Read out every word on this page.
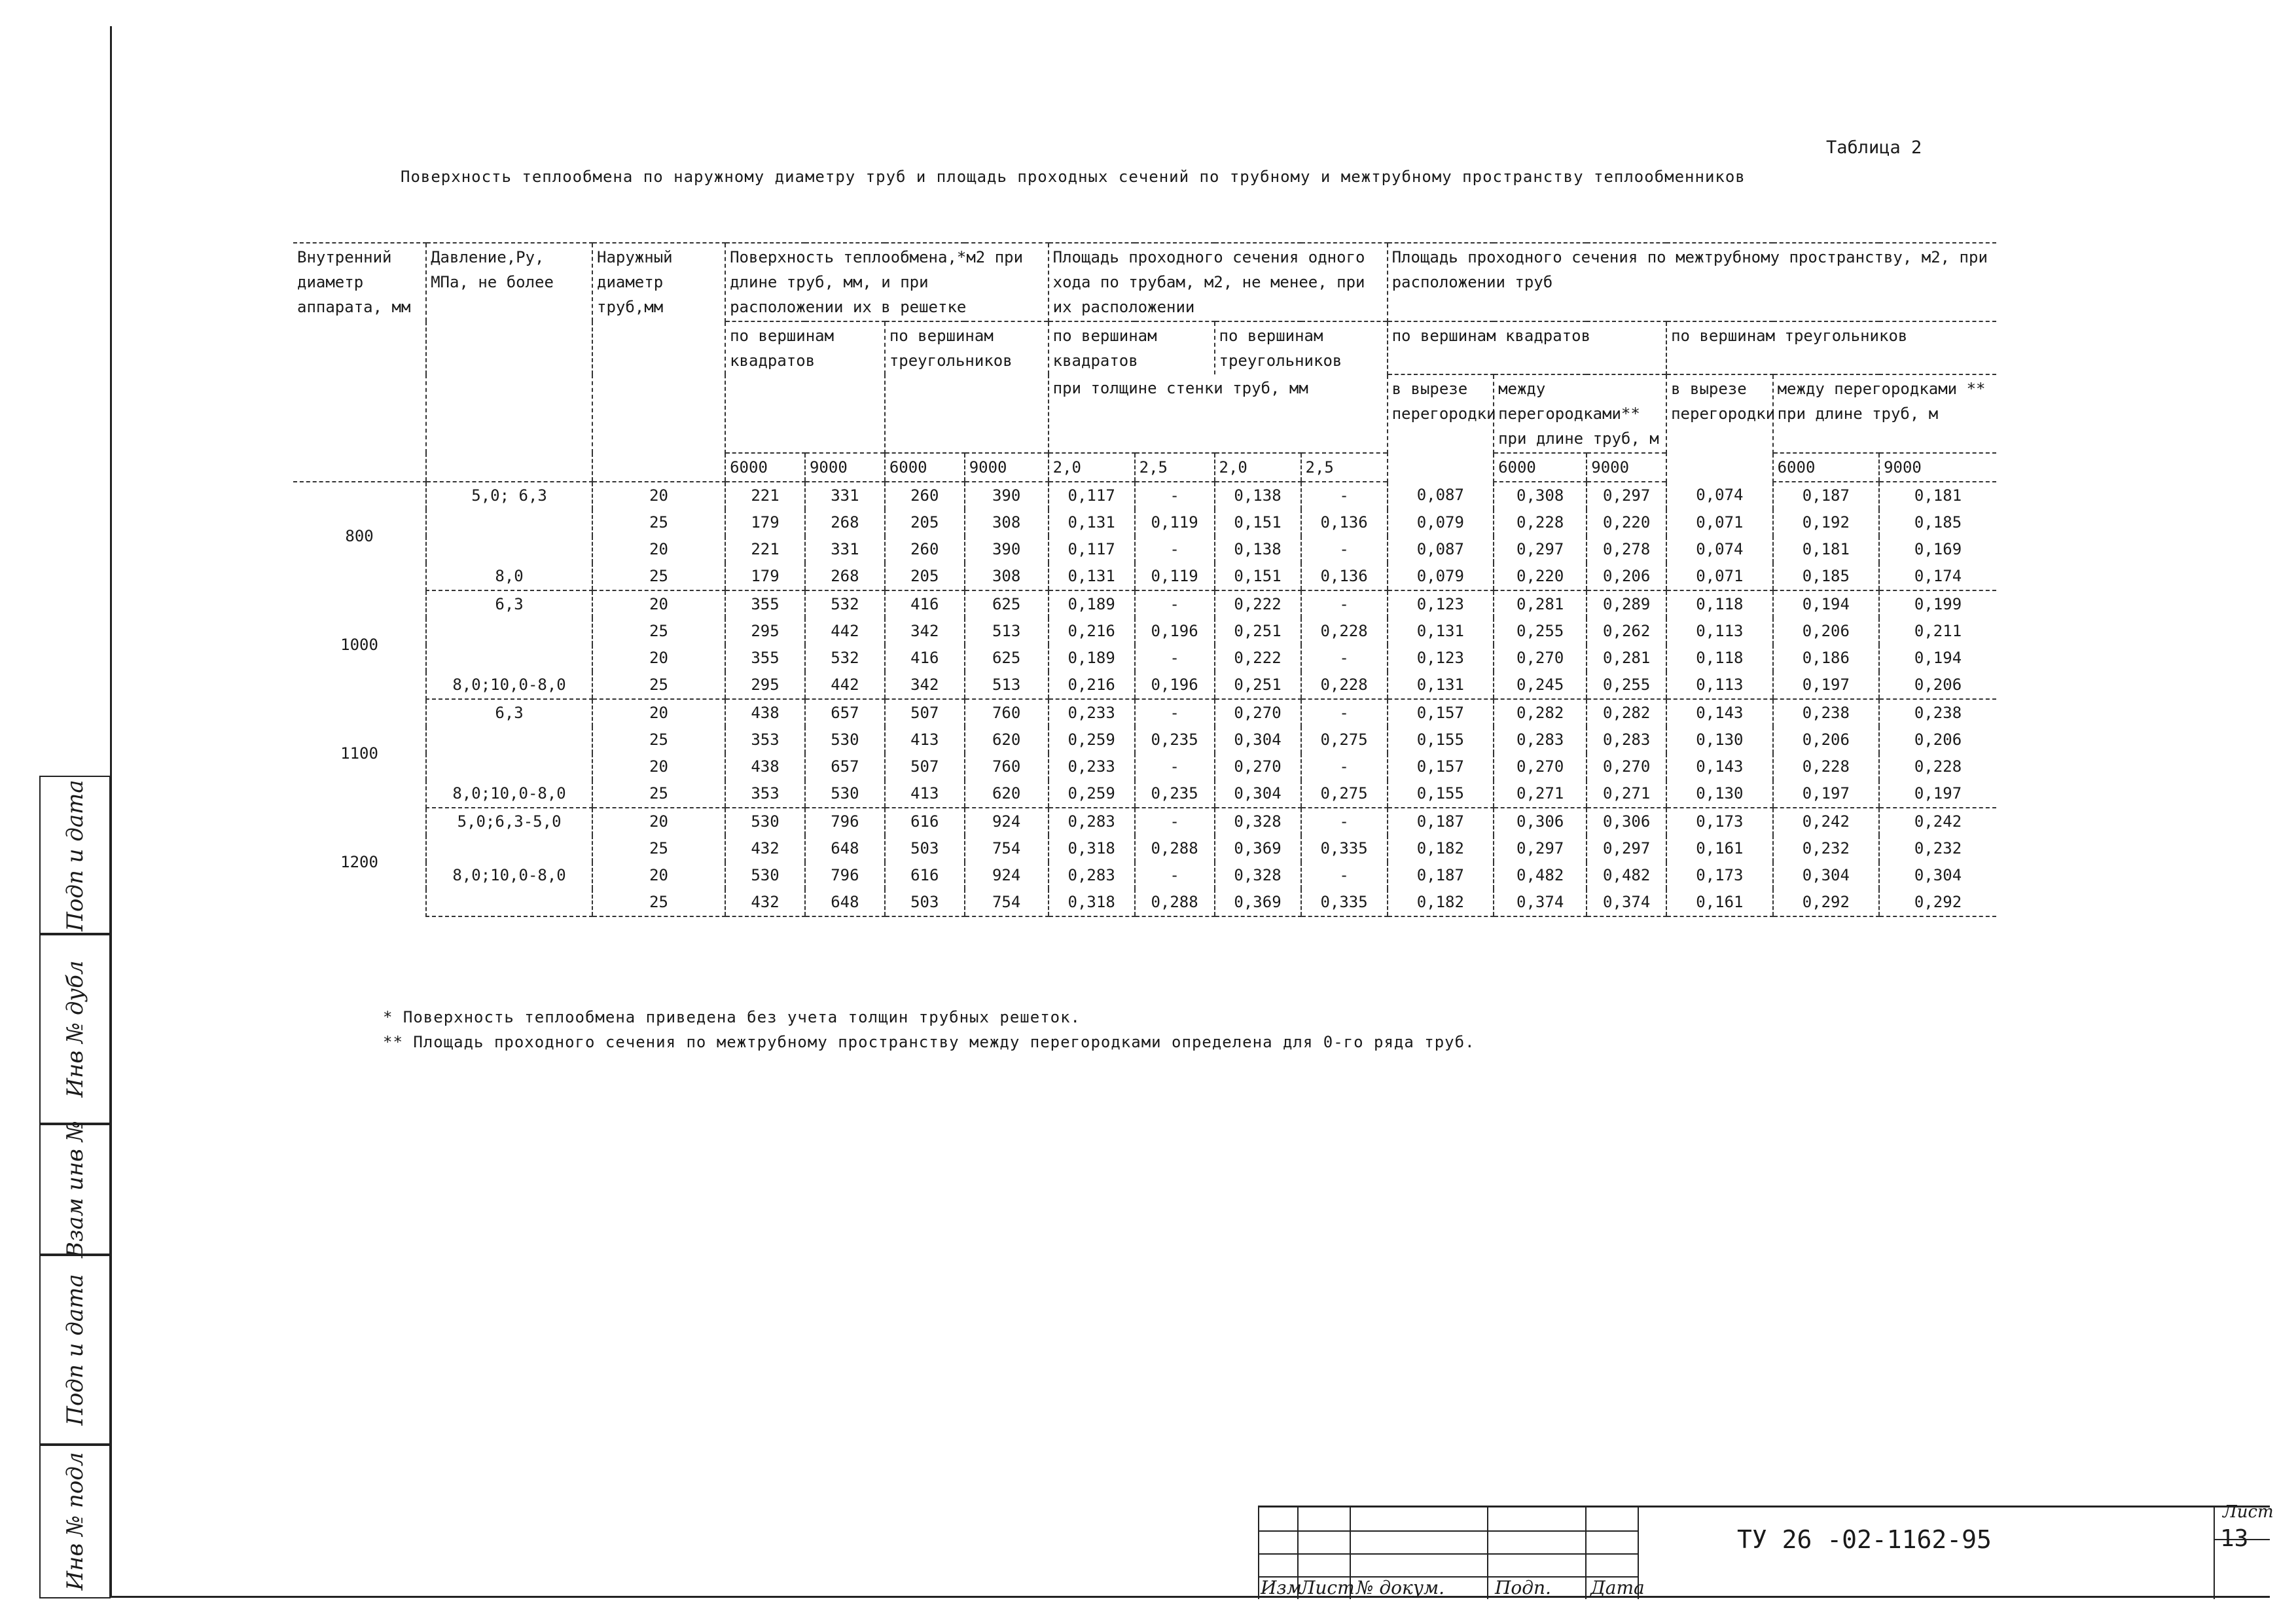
Таблица 2
Поверхность теплообмена по наружному диаметру труб и площадь проходных сечений по трубному и межтрубному пространству теплообменников
Внутренний диаметр аппарата, мм	Давление,Ру, МПа, не более	Наружный диаметр труб,мм	Поверхность теплообмена,*м2 при длине труб, мм, и при расположении их в решетке				Площадь проходного сечения одного хода по трубам, м2, не менее, при их расположении				Площадь проходного сечения по межтрубному пространству, м2, при расположении труб					
			по вершинам квадратов		по вершинам треугольников		по вершинам квадратов		по вершинам треугольников		по вершинам квадратов			по вершинам треугольников		
							при толщине стенки труб, мм				в вырезе перегородки	между перегородками** при длине труб, м		в вырезе перегородки	между перегородками ** при длине труб, м	
			6000	9000	6000	9000	2,0	2,5	2,0	2,5		6000	9000		6000	9000
800	5,0; 6,3	20	221	331	260	390	0,117	-	0,138	-	0,087	0,308	0,297	0,074	0,187	0,181
		25	179	268	205	308	0,131	0,119	0,151	0,136	0,079	0,228	0,220	0,071	0,192	0,185
		20	221	331	260	390	0,117	-	0,138	-	0,087	0,297	0,278	0,074	0,181	0,169
	8,0	25	179	268	205	308	0,131	0,119	0,151	0,136	0,079	0,220	0,206	0,071	0,185	0,174
1000	6,3	20	355	532	416	625	0,189	-	0,222	-	0,123	0,281	0,289	0,118	0,194	0,199
		25	295	442	342	513	0,216	0,196	0,251	0,228	0,131	0,255	0,262	0,113	0,206	0,211
		20	355	532	416	625	0,189	-	0,222	-	0,123	0,270	0,281	0,118	0,186	0,194
	8,0;10,0-8,0	25	295	442	342	513	0,216	0,196	0,251	0,228	0,131	0,245	0,255	0,113	0,197	0,206
1100	6,3	20	438	657	507	760	0,233	-	0,270	-	0,157	0,282	0,282	0,143	0,238	0,238
		25	353	530	413	620	0,259	0,235	0,304	0,275	0,155	0,283	0,283	0,130	0,206	0,206
		20	438	657	507	760	0,233	-	0,270	-	0,157	0,270	0,270	0,143	0,228	0,228
	8,0;10,0-8,0	25	353	530	413	620	0,259	0,235	0,304	0,275	0,155	0,271	0,271	0,130	0,197	0,197
1200	5,0;6,3-5,0	20	530	796	616	924	0,283	-	0,328	-	0,187	0,306	0,306	0,173	0,242	0,242
		25	432	648	503	754	0,318	0,288	0,369	0,335	0,182	0,297	0,297	0,161	0,232	0,232
	8,0;10,0-8,0	20	530	796	616	924	0,283	-	0,328	-	0,187	0,482	0,482	0,173	0,304	0,304
		25	432	648	503	754	0,318	0,288	0,369	0,335	0,182	0,374	0,374	0,161	0,292	0,292
* Поверхность теплообмена приведена без учета толщин трубных решеток.
** Площадь проходного сечения по межтрубному пространству между перегородками определена для 0-го ряда труб.
Подп и дата
Инв № дубл
Взам инв №
Подп и дата
Инв № подл	Изм
Лист № докум.	Подп. Дата
ТУ 26 -02-1162-95
Лист
13
